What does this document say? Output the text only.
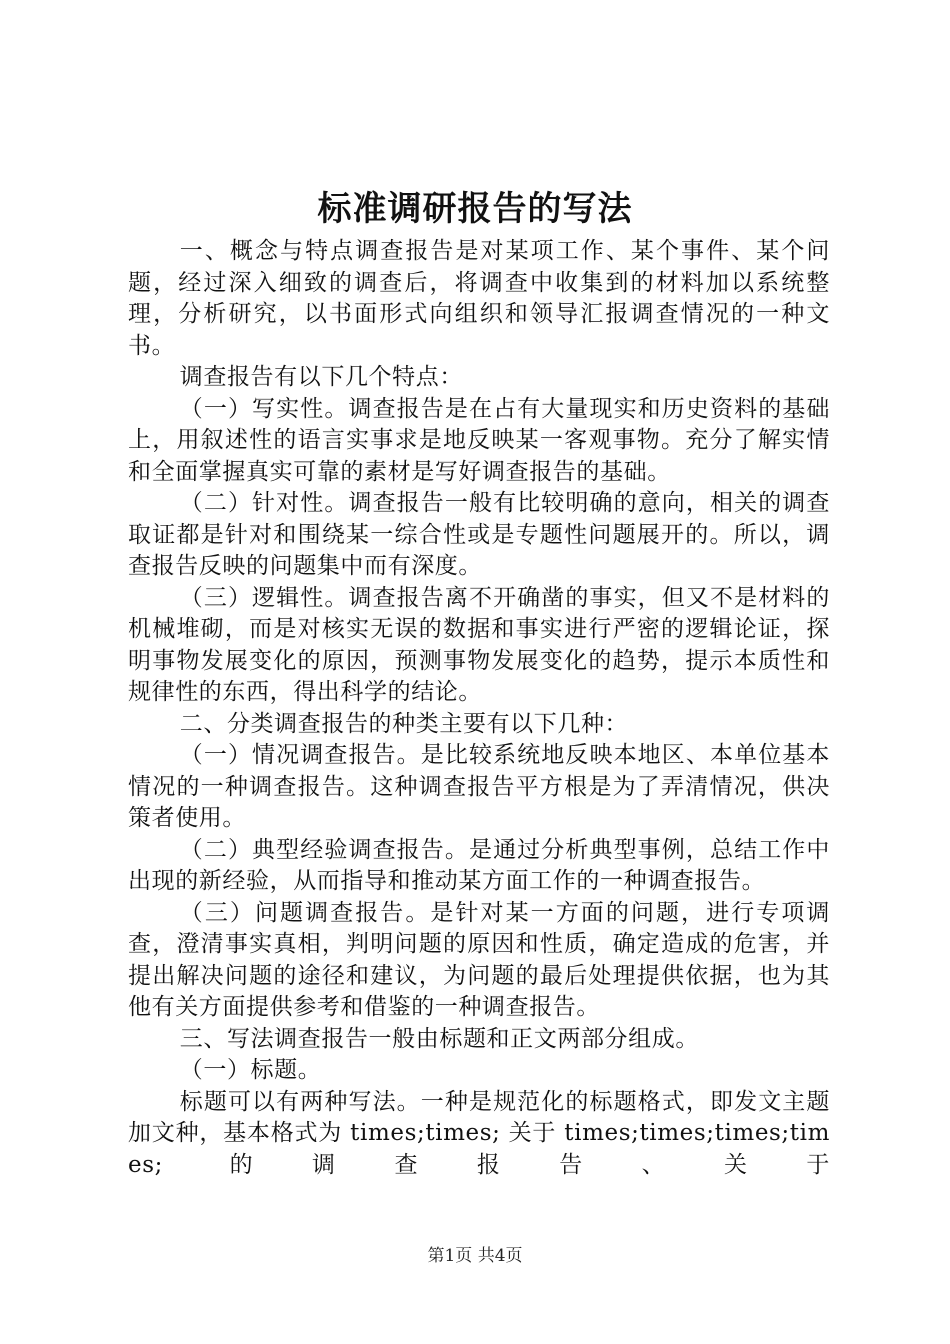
标准调研报告的写法

一、概念与特点调查报告是对某项工作、某个事件、某个问题，经过深入细致的调查后，将调查中收集到的材料加以系统整理，分析研究，以书面形式向组织和领导汇报调查情况的一种文书。

调查报告有以下几个特点：

（一）写实性。调查报告是在占有大量现实和历史资料的基础上，用叙述性的语言实事求是地反映某一客观事物。充分了解实情和全面掌握真实可靠的素材是写好调查报告的基础。

（二）针对性。调查报告一般有比较明确的意向，相关的调查取证都是针对和围绕某一综合性或是专题性问题展开的。所以，调查报告反映的问题集中而有深度。

（三）逻辑性。调查报告离不开确凿的事实，但又不是材料的机械堆砌，而是对核实无误的数据和事实进行严密的逻辑论证，探明事物发展变化的原因，预测事物发展变化的趋势，提示本质性和规律性的东西，得出科学的结论。

二、分类调查报告的种类主要有以下几种：

（一）情况调查报告。是比较系统地反映本地区、本单位基本情况的一种调查报告。这种调查报告平方根是为了弄清情况，供决策者使用。

（二）典型经验调查报告。是通过分析典型事例，总结工作中出现的新经验，从而指导和推动某方面工作的一种调查报告。

（三）问题调查报告。是针对某一方面的问题，进行专项调查，澄清事实真相，判明问题的原因和性质，确定造成的危害，并提出解决问题的途径和建议，为问题的最后处理提供依据，也为其他有关方面提供参考和借鉴的一种调查报告。

三、写法调查报告一般由标题和正文两部分组成。

（一）标题。

标题可以有两种写法。一种是规范化的标题格式，即发文主题加文种，基本格式为 times;times; 关于 times;times;times;times; 的调查报告、关于

第1页 共4页
